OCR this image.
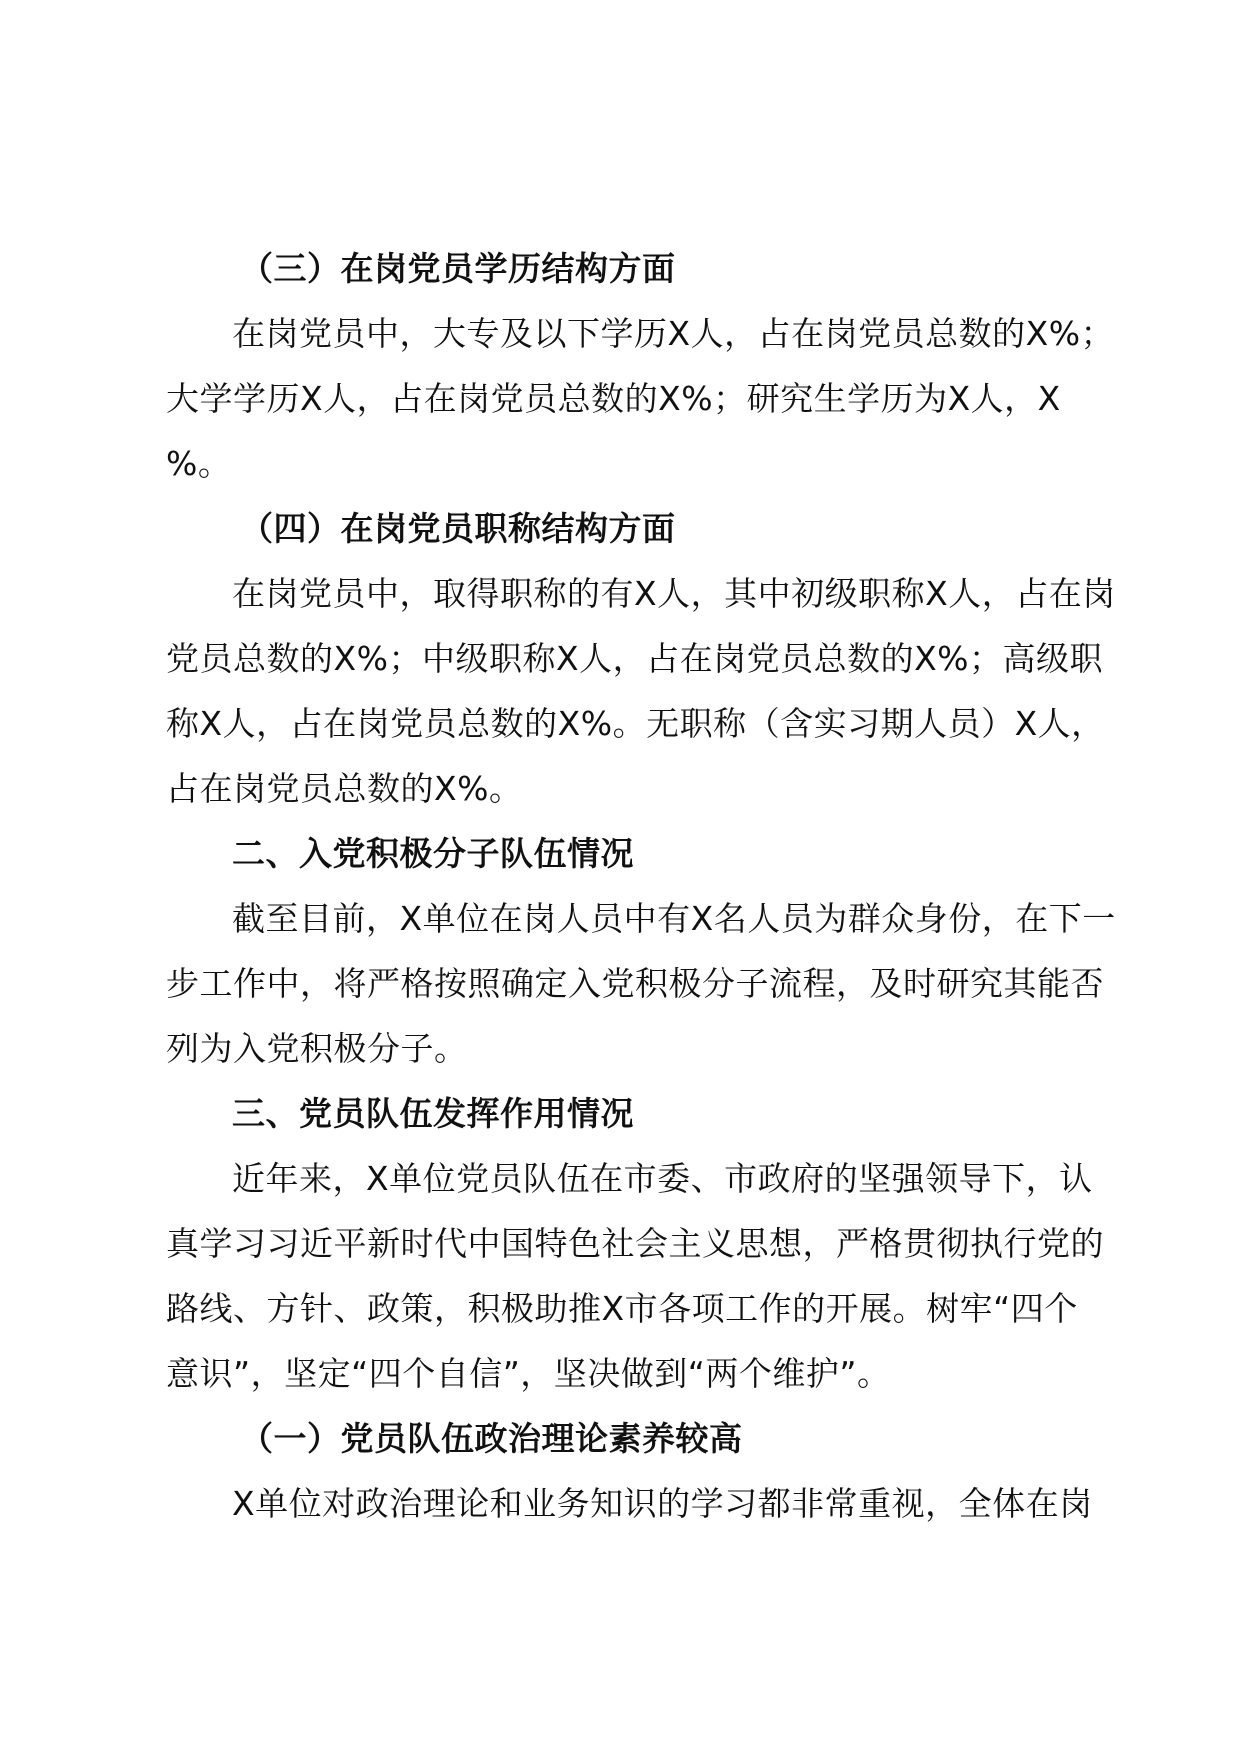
（三）在岗党员学历结构方面
在岗党员中，大专及以下学历X人，占在岗党员总数的X%；
大学学历X人，占在岗党员总数的X%；研究生学历为X人，X
%。
（四）在岗党员职称结构方面
在岗党员中，取得职称的有X人，其中初级职称X人，占在岗
党员总数的X%；中级职称X人，占在岗党员总数的X%；高级职
称X人，占在岗党员总数的X%。无职称（含实习期人员）X人，
占在岗党员总数的X%。
二、入党积极分子队伍情况
截至目前，X单位在岗人员中有X名人员为群众身份，在下一
步工作中，将严格按照确定入党积极分子流程，及时研究其能否
列为入党积极分子。
三、党员队伍发挥作用情况
近年来，X单位党员队伍在市委、市政府的坚强领导下，认
真学习习近平新时代中国特色社会主义思想，严格贯彻执行党的
路线、方针、政策，积极助推X市各项工作的开展。树牢“四个
意识”，坚定“四个自信”，坚决做到“两个维护”。
（一）党员队伍政治理论素养较高
X单位对政治理论和业务知识的学习都非常重视，全体在岗
